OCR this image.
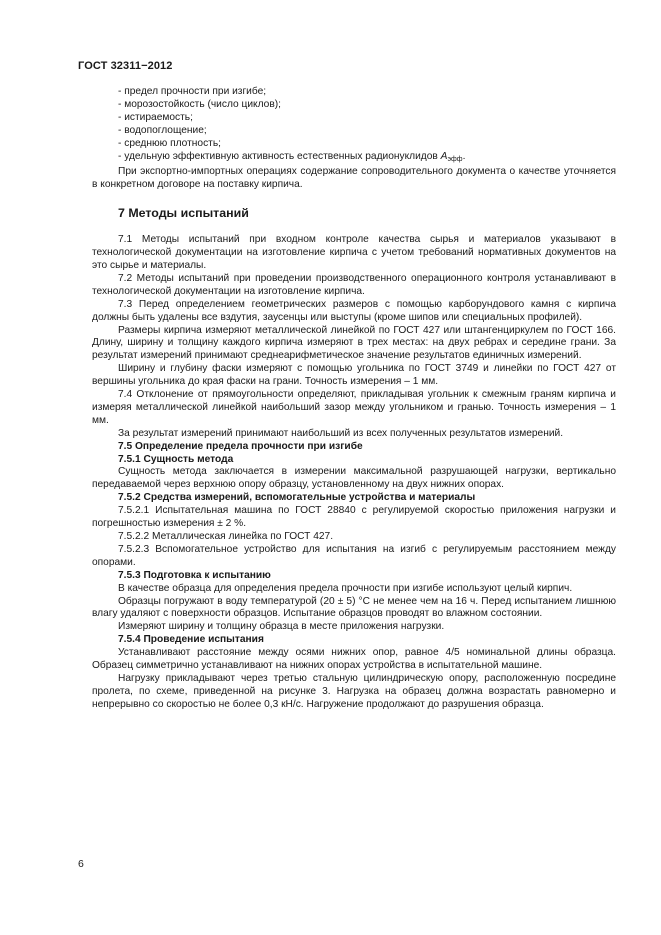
ГОСТ 32311−2012

- предел прочности при изгибе;

- морозостойкость (число циклов);

- истираемость;

- водопоглощение;

- среднюю плотность;

- удельную эффективную активность естественных радионуклидов Аэфф.

При экспортно-импортных операциях содержание сопроводительного документа о качестве уточняется в конкретном договоре на поставку кирпича.

7 Методы испытаний

7.1 Методы испытаний при входном контроле качества сырья и материалов указывают в технологической документации на изготовление кирпича с учетом требований нормативных документов на это сырье и материалы.

7.2 Методы испытаний при проведении производственного операционного контроля устанавливают в технологической документации на изготовление кирпича.

7.3 Перед определением геометрических размеров с помощью карборундового камня с кирпича должны быть удалены все вздутия, заусенцы или выступы (кроме шипов или специальных профилей).

Размеры кирпича измеряют металлической линейкой по ГОСТ 427 или штангенциркулем по ГОСТ 166. Длину, ширину и толщину каждого кирпича измеряют в трех местах: на двух ребрах и середине грани. За результат измерений принимают среднеарифметическое значение результатов единичных измерений.

Ширину и глубину фаски измеряют с помощью угольника по ГОСТ 3749 и линейки по ГОСТ 427 от вершины угольника до края фаски на грани. Точность измерения – 1 мм.

7.4 Отклонение от прямоугольности определяют, прикладывая угольник к смежным граням кирпича и измеряя металлической линейкой наибольший зазор между угольником и гранью. Точность измерения – 1 мм.

За результат измерений принимают наибольший из всех полученных результатов измерений.

7.5 Определение предела прочности при изгибе

7.5.1 Сущность метода

Сущность метода заключается в измерении максимальной разрушающей нагрузки, вертикально передаваемой через верхнюю опору образцу, установленному на двух нижних опорах.

7.5.2 Средства измерений, вспомогательные устройства и материалы

7.5.2.1 Испытательная машина по ГОСТ 28840 с регулируемой скоростью приложения нагрузки и погрешностью измерения ± 2 %.

7.5.2.2 Металлическая линейка по ГОСТ 427.

7.5.2.3 Вспомогательное устройство для испытания на изгиб с регулируемым расстоянием между опорами.

7.5.3 Подготовка к испытанию

В качестве образца для определения предела прочности при изгибе используют целый кирпич.

Образцы погружают в воду температурой (20 ± 5) °С не менее чем на 16 ч. Перед испытанием лишнюю влагу удаляют с поверхности образцов. Испытание образцов проводят во влажном состоянии.

Измеряют ширину и толщину образца в месте приложения нагрузки.

7.5.4 Проведение испытания

Устанавливают расстояние между осями нижних опор, равное 4/5 номинальной длины образца. Образец симметрично устанавливают на нижних опорах устройства в испытательной машине.

Нагрузку прикладывают через третью стальную цилиндрическую опору, расположенную посредине пролета, по схеме, приведенной на рисунке 3. Нагрузка на образец должна возрастать равномерно и непрерывно со скоростью не более 0,3 кН/с. Нагружение продолжают до разрушения образца.

6
